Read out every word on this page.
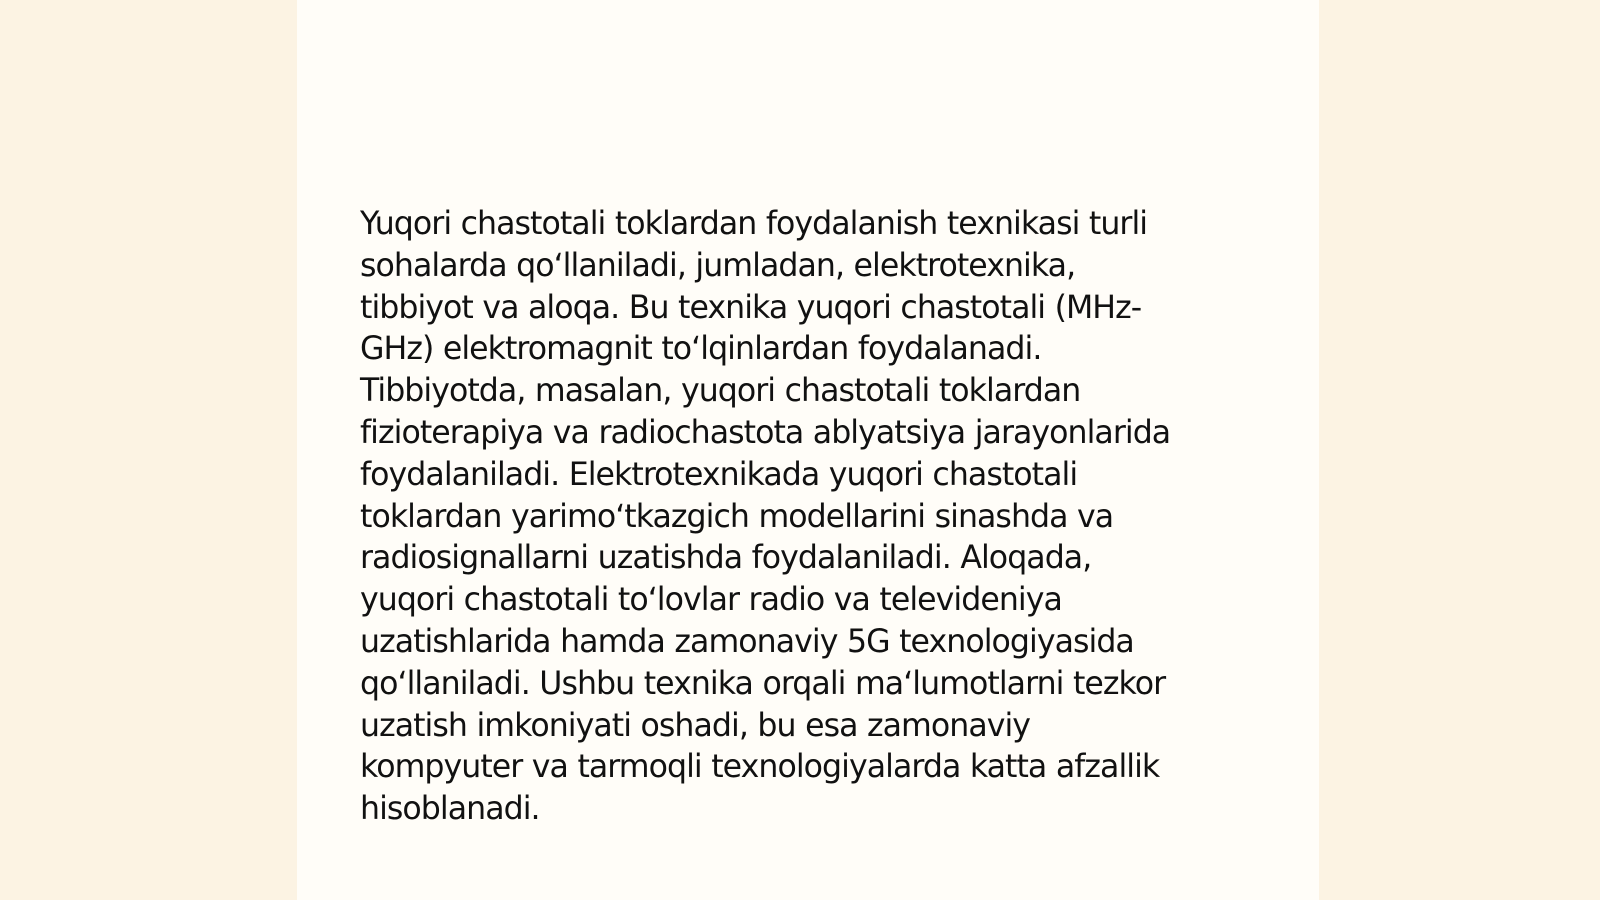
Yuqori chastotali toklardan foydalanish texnikasi turli
sohalarda qo‘llaniladi, jumladan, elektrotexnika,
tibbiyot va aloqa. Bu texnika yuqori chastotali (MHz-
GHz) elektromagnit to‘lqinlardan foydalanadi.
Tibbiyotda, masalan, yuqori chastotali toklardan
fizioterapiya va radiochastota ablyatsiya jarayonlarida
foydalaniladi. Elektrotexnikada yuqori chastotali
toklardan yarimo‘tkazgich modellarini sinashda va
radiosignallarni uzatishda foydalaniladi. Aloqada,
yuqori chastotali to‘lovlar radio va televideniya
uzatishlarida hamda zamonaviy 5G texnologiyasida
qo‘llaniladi. Ushbu texnika orqali ma‘lumotlarni tezkor
uzatish imkoniyati oshadi, bu esa zamonaviy
kompyuter va tarmoqli texnologiyalarda katta afzallik
hisoblanadi.
